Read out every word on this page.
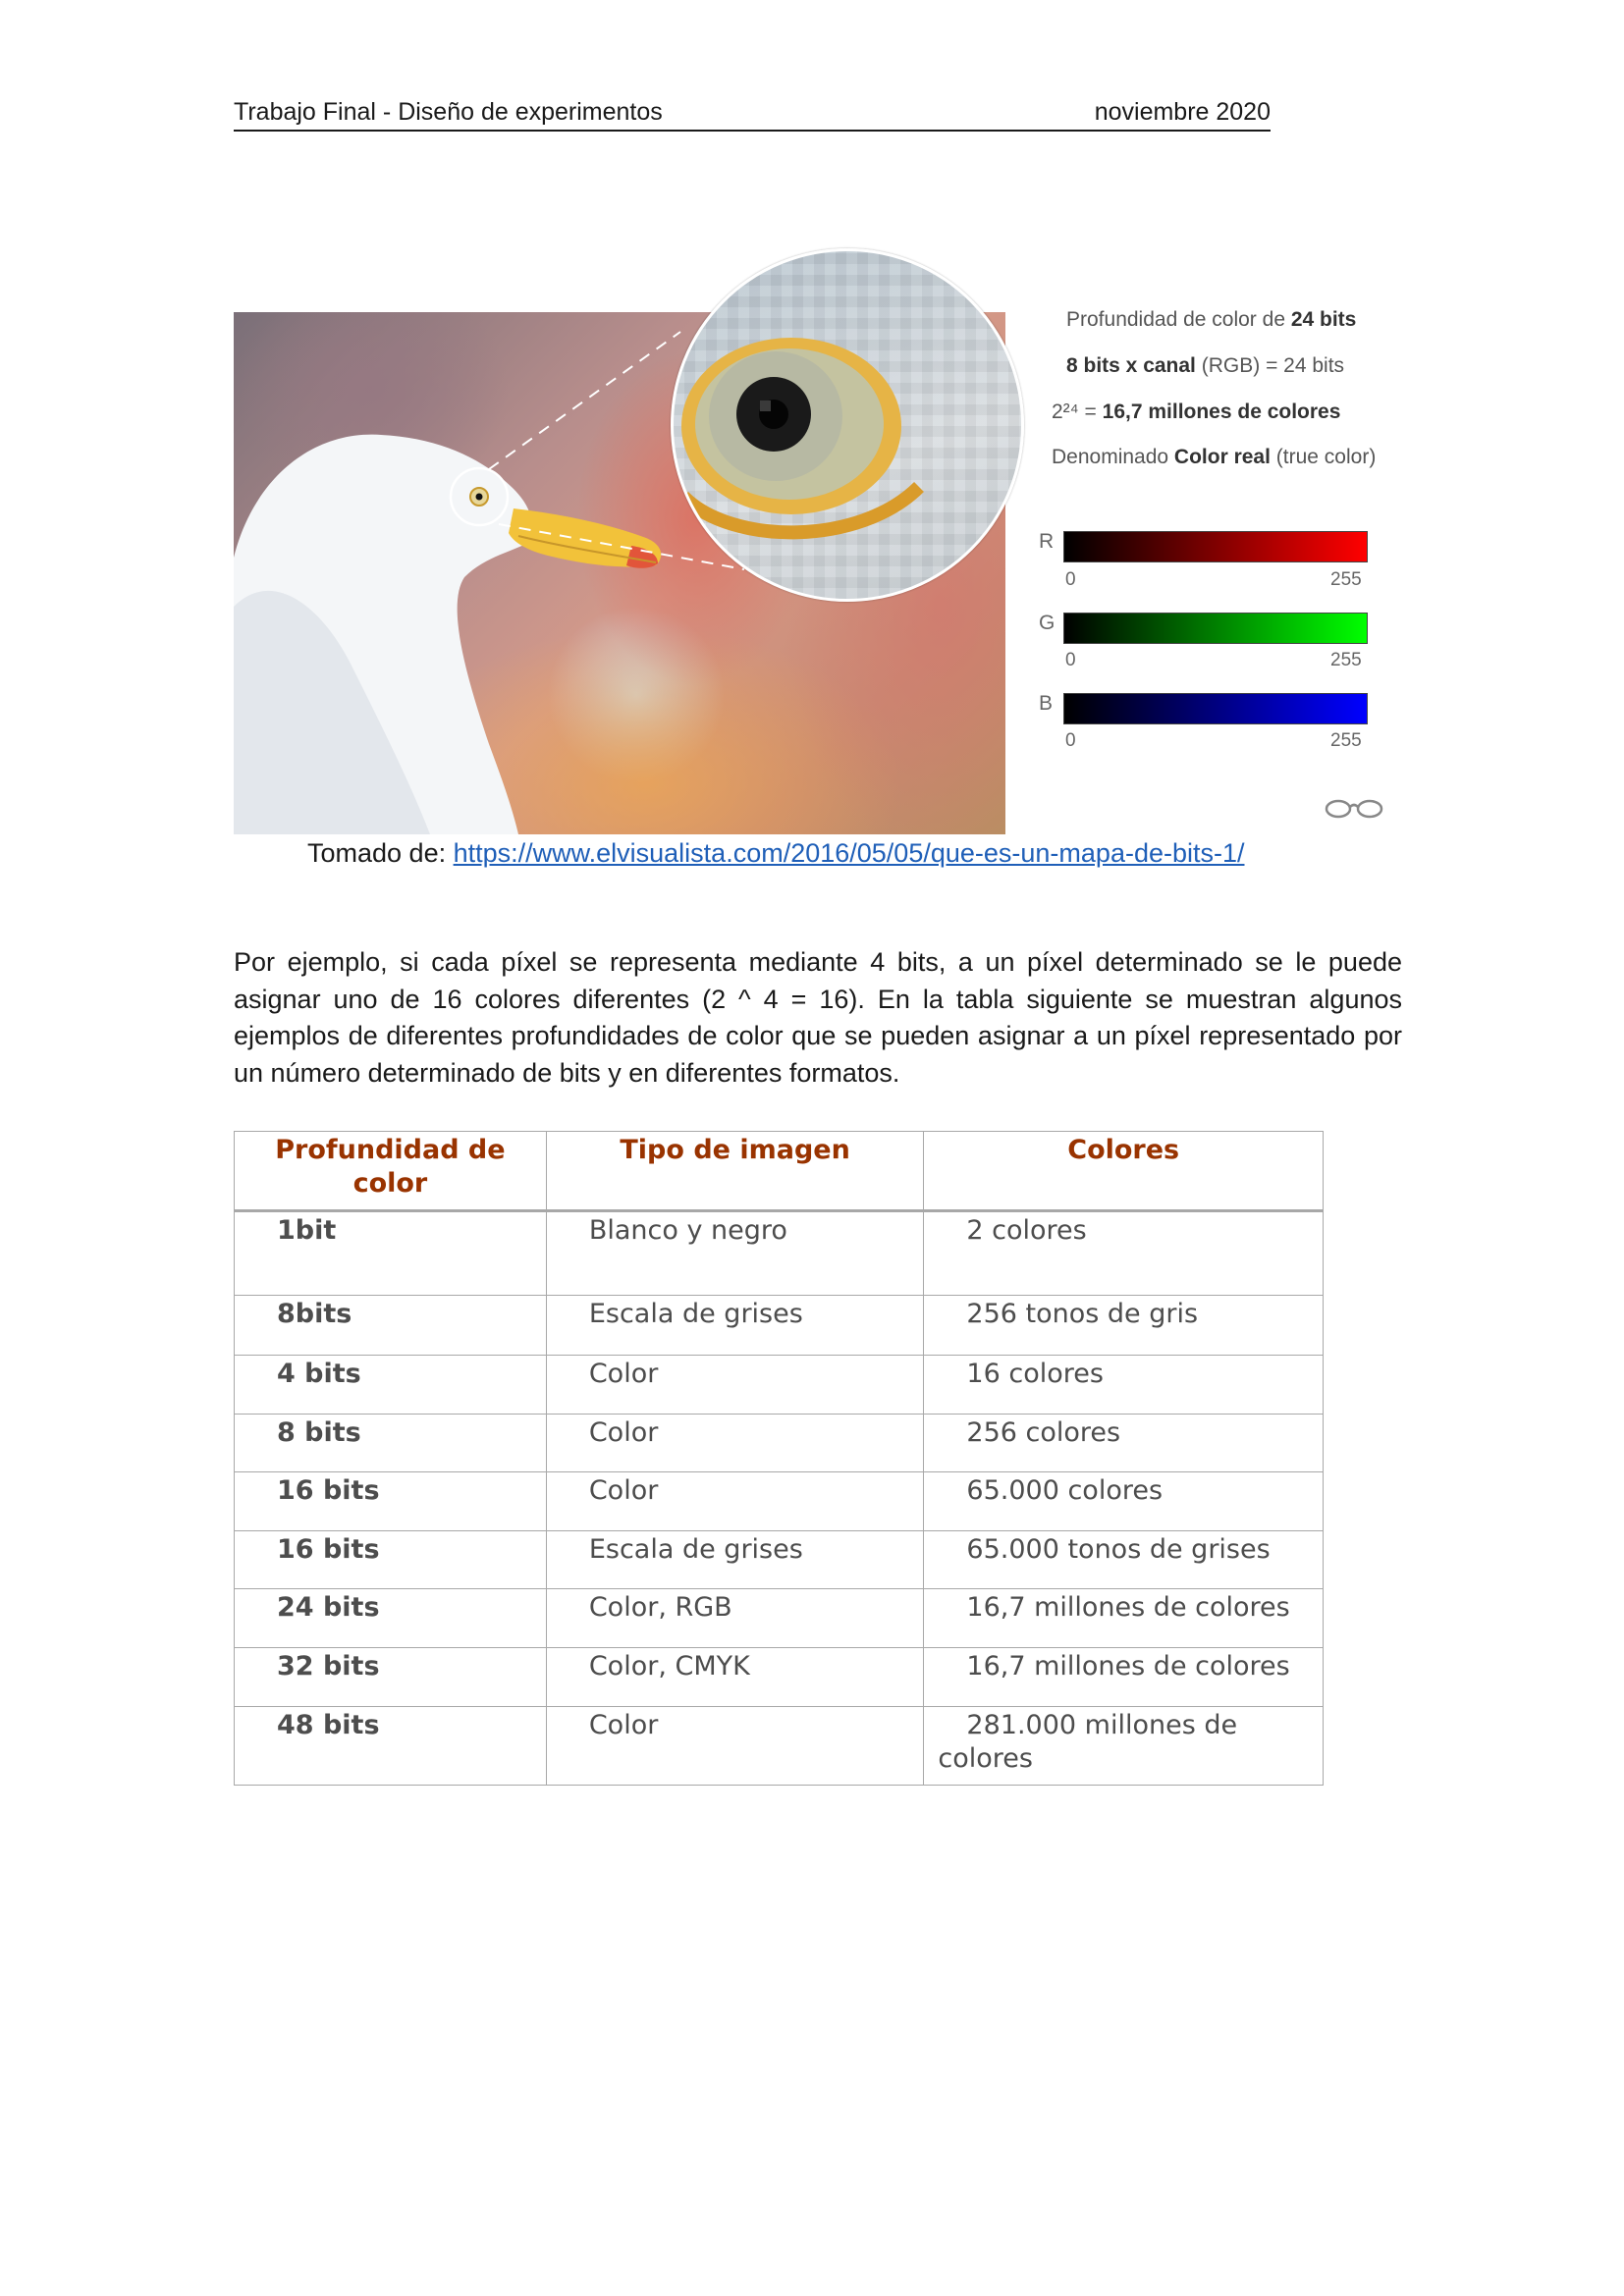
Trabajo Final - Diseño de experimentos	noviembre 2020
Profundidad de color de 24 bits
8 bits x canal (RGB) = 24 bits
2²⁴ = 16,7 millones de colores
Denominado Color real (true color)
R
0	255
G
0	255
B
0	255
Tomado de: https://www.elvisualista.com/2016/05/05/que-es-un-mapa-de-bits-1/

Por ejemplo, si cada píxel se representa mediante 4 bits, a un píxel determinado se le puede asignar uno de 16 colores diferentes (2 ^ 4 = 16). En la tabla siguiente se muestran algunos ejemplos de diferentes profundidades de color que se pueden asignar a un píxel representado por un número determinado de bits y en diferentes formatos.

Profundidad de color	Tipo de imagen	Colores
1bit	Blanco y negro	2 colores
8bits	Escala de grises	256 tonos de gris
4 bits	Color	16 colores
8 bits	Color	256 colores
16 bits	Color	65.000 colores
16 bits	Escala de grises	65.000 tonos de grises
24 bits	Color, RGB	16,7 millones de colores
32 bits	Color, CMYK	16,7 millones de colores
48 bits	Color	281.000 millones de colores
